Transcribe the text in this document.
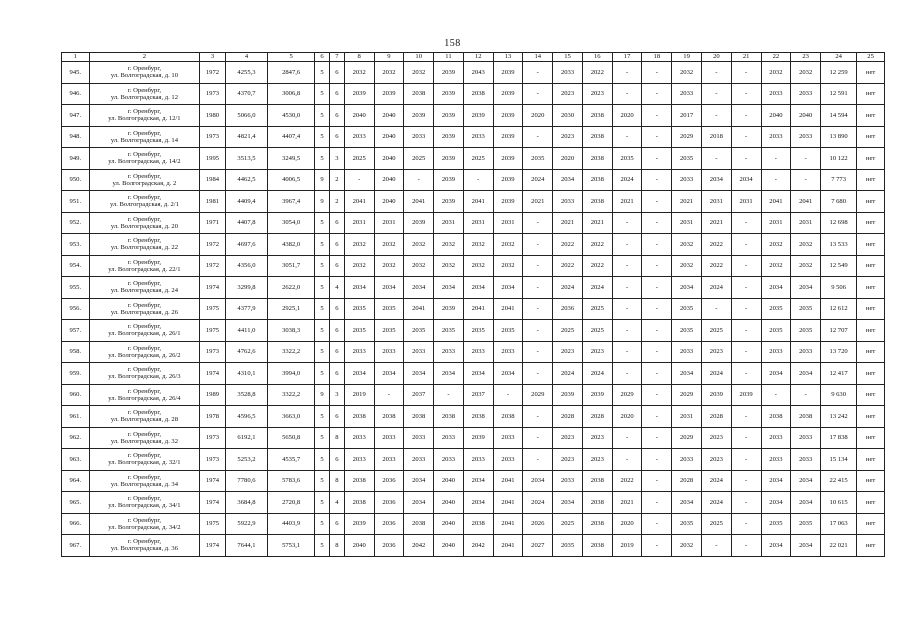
158
1	2	3	4	5	6	7	8	9	10	11	12	13	14	15	16	17	18	19	20	21	22	23	24	25
945.	г. Оренбург,
ул. Волгоградская, д. 10	1972	4255,3	2847,6	5	6	2032	2032	2032	2039	2043	2039	-	2033	2022	-	-	2032	-	-	2032	2032	12 259	нет
946.	г. Оренбург,
ул. Волгоградская, д. 12	1973	4370,7	3006,8	5	6	2039	2039	2038	2039	2038	2039	-	2023	2023	-	-	2033	-	-	2033	2033	12 591	нет
947.	г. Оренбург,
ул. Волгоградская, д. 12/1	1980	5066,0	4530,0	5	6	2040	2040	2039	2039	2039	2039	2020	2030	2038	2020	-	2017	-	-	2040	2040	14 594	нет
948.	г. Оренбург,
ул. Волгоградская, д. 14	1973	4821,4	4407,4	5	6	2033	2040	2033	2039	2033	2039	-	2023	2038	-	-	2029	2018	-	2033	2033	13 890	нет
949.	г. Оренбург,
ул. Волгоградская, д. 14/2	1995	3513,5	3249,5	5	3	2025	2040	2025	2039	2025	2039	2035	2020	2038	2035	-	2035	-	-	-	-	10 122	нет
950.	г. Оренбург,
ул. Волгоградская, д. 2	1984	4462,5	4006,5	9	2	-	2040	-	2039	-	2039	2024	2034	2038	2024	-	2033	2034	2034	-	-	7 773	нет
951.	г. Оренбург,
ул. Волгоградская, д. 2/1	1981	4409,4	3967,4	9	2	2041	2040	2041	2039	2041	2039	2021	2033	2038	2021	-	2021	2031	2031	2041	2041	7 680	нет
952.	г. Оренбург,
ул. Волгоградская, д. 20	1971	4407,8	3054,0	5	6	2031	2031	2039	2031	2031	2031	-	2021	2021	-	-	2031	2021	-	2031	2031	12 698	нет
953.	г. Оренбург,
ул. Волгоградская, д. 22	1972	4697,6	4382,0	5	6	2032	2032	2032	2032	2032	2032	-	2022	2022	-	-	2032	2022	-	2032	2032	13 533	нет
954.	г. Оренбург,
ул. Волгоградская, д. 22/1	1972	4356,0	3051,7	5	6	2032	2032	2032	2032	2032	2032	-	2022	2022	-	-	2032	2022	-	2032	2032	12 549	нет
955.	г. Оренбург,
ул. Волгоградская, д. 24	1974	3299,8	2622,0	5	4	2034	2034	2034	2034	2034	2034	-	2024	2024	-	-	2034	2024	-	2034	2034	9 506	нет
956.	г. Оренбург,
ул. Волгоградская, д. 26	1975	4377,9	2925,1	5	6	2035	2035	2041	2039	2041	2041	-	2036	2025	-	-	2035	-	-	2035	2035	12 612	нет
957.	г. Оренбург,
ул. Волгоградская, д. 26/1	1975	4411,0	3038,3	5	6	2035	2035	2035	2035	2035	2035	-	2025	2025	-	-	2035	2025	-	2035	2035	12 707	нет
958.	г. Оренбург,
ул. Волгоградская, д. 26/2	1973	4762,6	3322,2	5	6	2033	2033	2033	2033	2033	2033	-	2023	2023	-	-	2033	2023	-	2033	2033	13 720	нет
959.	г. Оренбург,
ул. Волгоградская, д. 26/3	1974	4310,1	3994,0	5	6	2034	2034	2034	2034	2034	2034	-	2024	2024	-	-	2034	2024	-	2034	2034	12 417	нет
960.	г. Оренбург,
ул. Волгоградская, д. 26/4	1989	3528,8	3322,2	9	3	2019	-	2037	-	2037	-	2029	2039	2039	2029	-	2029	2039	2039	-	-	9 630	нет
961.	г. Оренбург,
ул. Волгоградская, д. 28	1978	4596,5	3663,0	5	6	2038	2038	2038	2038	2038	2038	-	2028	2028	2020	-	2031	2028	-	2038	2038	13 242	нет
962.	г. Оренбург,
ул. Волгоградская, д. 32	1973	6192,1	5650,8	5	8	2033	2033	2033	2033	2039	2033	-	2023	2023	-	-	2029	2023	-	2033	2033	17 838	нет
963.	г. Оренбург,
ул. Волгоградская, д. 32/1	1973	5253,2	4535,7	5	6	2033	2033	2033	2033	2033	2033	-	2023	2023	-	-	2033	2023	-	2033	2033	15 134	нет
964.	г. Оренбург,
ул. Волгоградская, д. 34	1974	7780,6	5783,6	5	8	2038	2036	2034	2040	2034	2041	2034	2033	2038	2022	-	2028	2024	-	2034	2034	22 415	нет
965.	г. Оренбург,
ул. Волгоградская, д. 34/1	1974	3684,8	2720,8	5	4	2038	2036	2034	2040	2034	2041	2024	2034	2038	2021	-	2034	2024	-	2034	2034	10 615	нет
966.	г. Оренбург,
ул. Волгоградская, д. 34/2	1975	5922,9	4403,9	5	6	2039	2036	2038	2040	2038	2041	2026	2025	2038	2020	-	2035	2025	-	2035	2035	17 063	нет
967.	г. Оренбург,
ул. Волгоградская, д. 36	1974	7644,1	5753,1	5	8	2040	2036	2042	2040	2042	2041	2027	2035	2038	2019	-	2032	-	-	2034	2034	22 021	нет
